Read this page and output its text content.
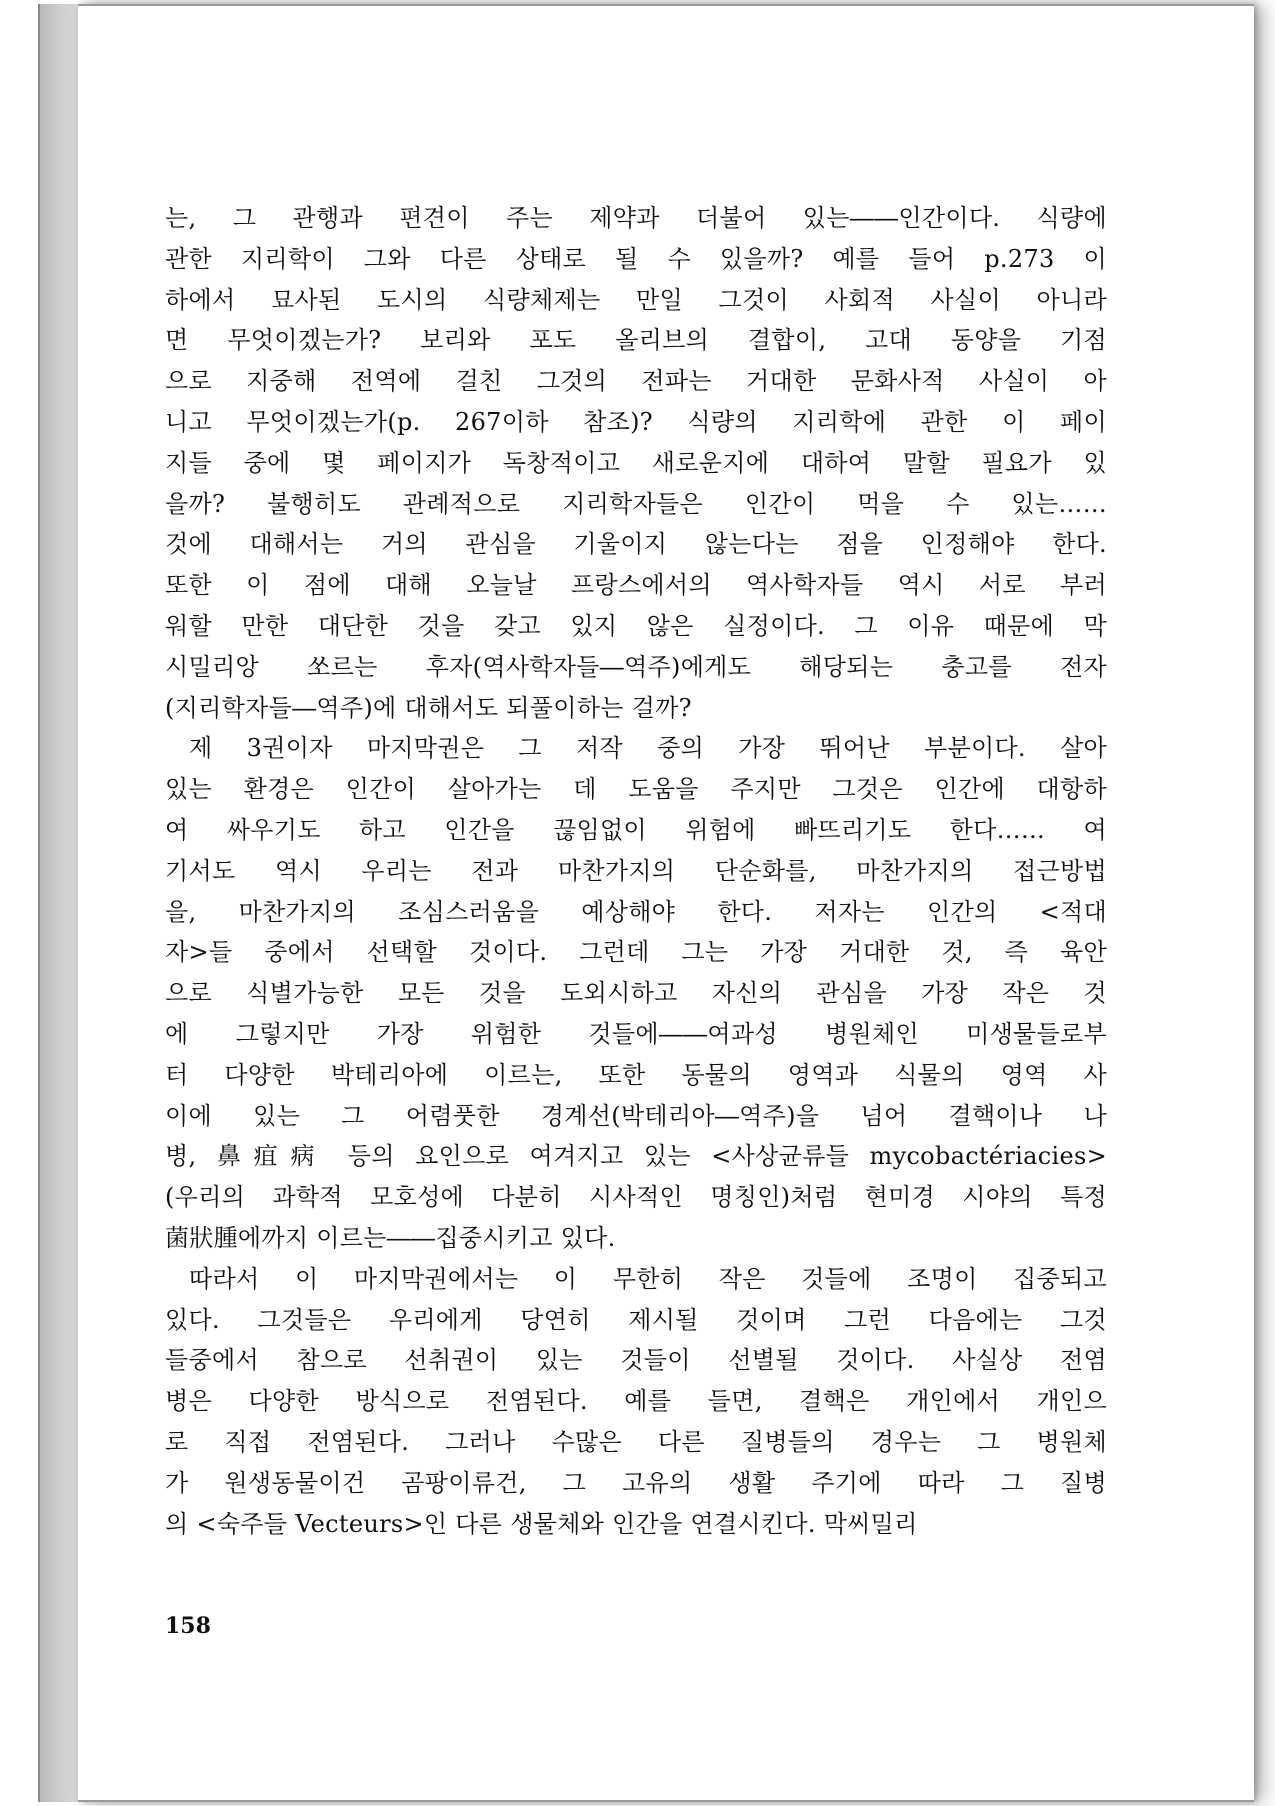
는, 그 관행과 편견이 주는 제약과 더불어 있는――인간이다. 식량에
관한 지리학이 그와 다른 상태로 될 수 있을까? 예를 들어 p.273 이
하에서 묘사된 도시의 식량체제는 만일 그것이 사회적 사실이 아니라
면 무엇이겠는가? 보리와 포도 올리브의 결합이, 고대 동양을 기점
으로 지중해 전역에 걸친 그것의 전파는 거대한 문화사적 사실이 아
니고 무엇이겠는가(p. 267이하 참조)? 식량의 지리학에 관한 이 페이
지들 중에 몇 페이지가 독창적이고 새로운지에 대하여 말할 필요가 있
을까? 불행히도 관례적으로 지리학자들은 인간이 먹을 수 있는……
것에 대해서는 거의 관심을 기울이지 않는다는 점을 인정해야 한다.
또한 이 점에 대해 오늘날 프랑스에서의 역사학자들 역시 서로 부러
워할 만한 대단한 것을 갖고 있지 않은 실정이다. 그 이유 때문에 막
시밀리앙 쏘르는 후자(역사학자들―역주)에게도 해당되는 충고를 전자
(지리학자들―역주)에 대해서도 되풀이하는 걸까?
제 3권이자 마지막권은 그 저작 중의 가장 뛰어난 부분이다. 살아
있는 환경은 인간이 살아가는 데 도움을 주지만 그것은 인간에 대항하
여 싸우기도 하고 인간을 끊임없이 위험에 빠뜨리기도 한다…… 여
기서도 역시 우리는 전과 마찬가지의 단순화를, 마찬가지의 접근방법
을, 마찬가지의 조심스러움을 예상해야 한다. 저자는 인간의 <적대
자>들 중에서 선택할 것이다. 그런데 그는 가장 거대한 것, 즉 육안
으로 식별가능한 모든 것을 도외시하고 자신의 관심을 가장 작은 것
에 그렇지만 가장 위험한 것들에――여과성 병원체인 미생물들로부
터 다양한 박테리아에 이르는, 또한 동물의 영역과 식물의 영역 사
이에 있는 그 어렴풋한 경계선(박테리아―역주)을 넘어 결핵이나 나
병, 鼻疽病 등의 요인으로 여겨지고 있는 <사상균류들 mycobactériacies>
(우리의 과학적 모호성에 다분히 시사적인 명칭인)처럼 현미경 시야의 특정
菌狀腫에까지 이르는――집중시키고 있다.
따라서 이 마지막권에서는 이 무한히 작은 것들에 조명이 집중되고
있다. 그것들은 우리에게 당연히 제시될 것이며 그런 다음에는 그것
들중에서 참으로 선취권이 있는 것들이 선별될 것이다. 사실상 전염
병은 다양한 방식으로 전염된다. 예를 들면, 결핵은 개인에서 개인으
로 직접 전염된다. 그러나 수많은 다른 질병들의 경우는 그 병원체
가 원생동물이건 곰팡이류건, 그 고유의 생활 주기에 따라 그 질병
의 <숙주들 Vecteurs>인 다른 생물체와 인간을 연결시킨다. 막씨밀리
158
